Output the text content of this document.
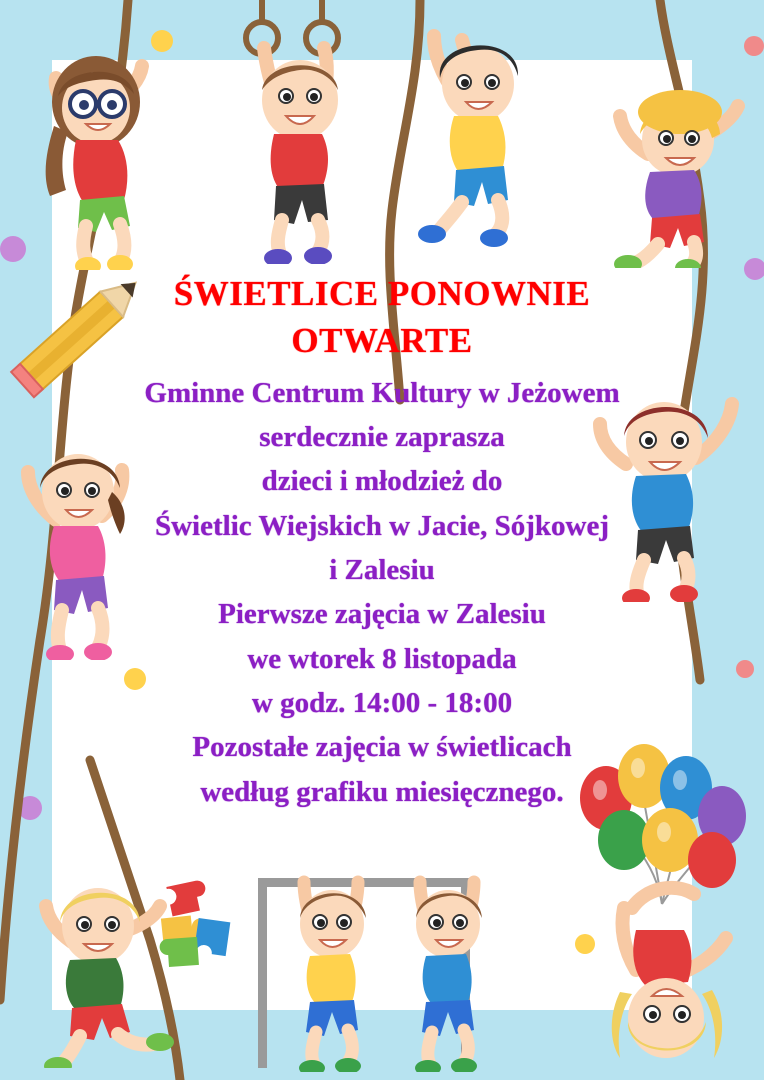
ŚWIETLICE PONOWNIE
OTWARTE
Gminne Centrum Kultury w Jeżowem
serdecznie zaprasza
dzieci i młodzież do
Świetlic Wiejskich w Jacie, Sójkowej
i Zalesiu
Pierwsze zajęcia w Zalesiu
we wtorek 8 listopada
w godz. 14:00 - 18:00
Pozostałe zajęcia w świetlicach
według grafiku miesięcznego.
